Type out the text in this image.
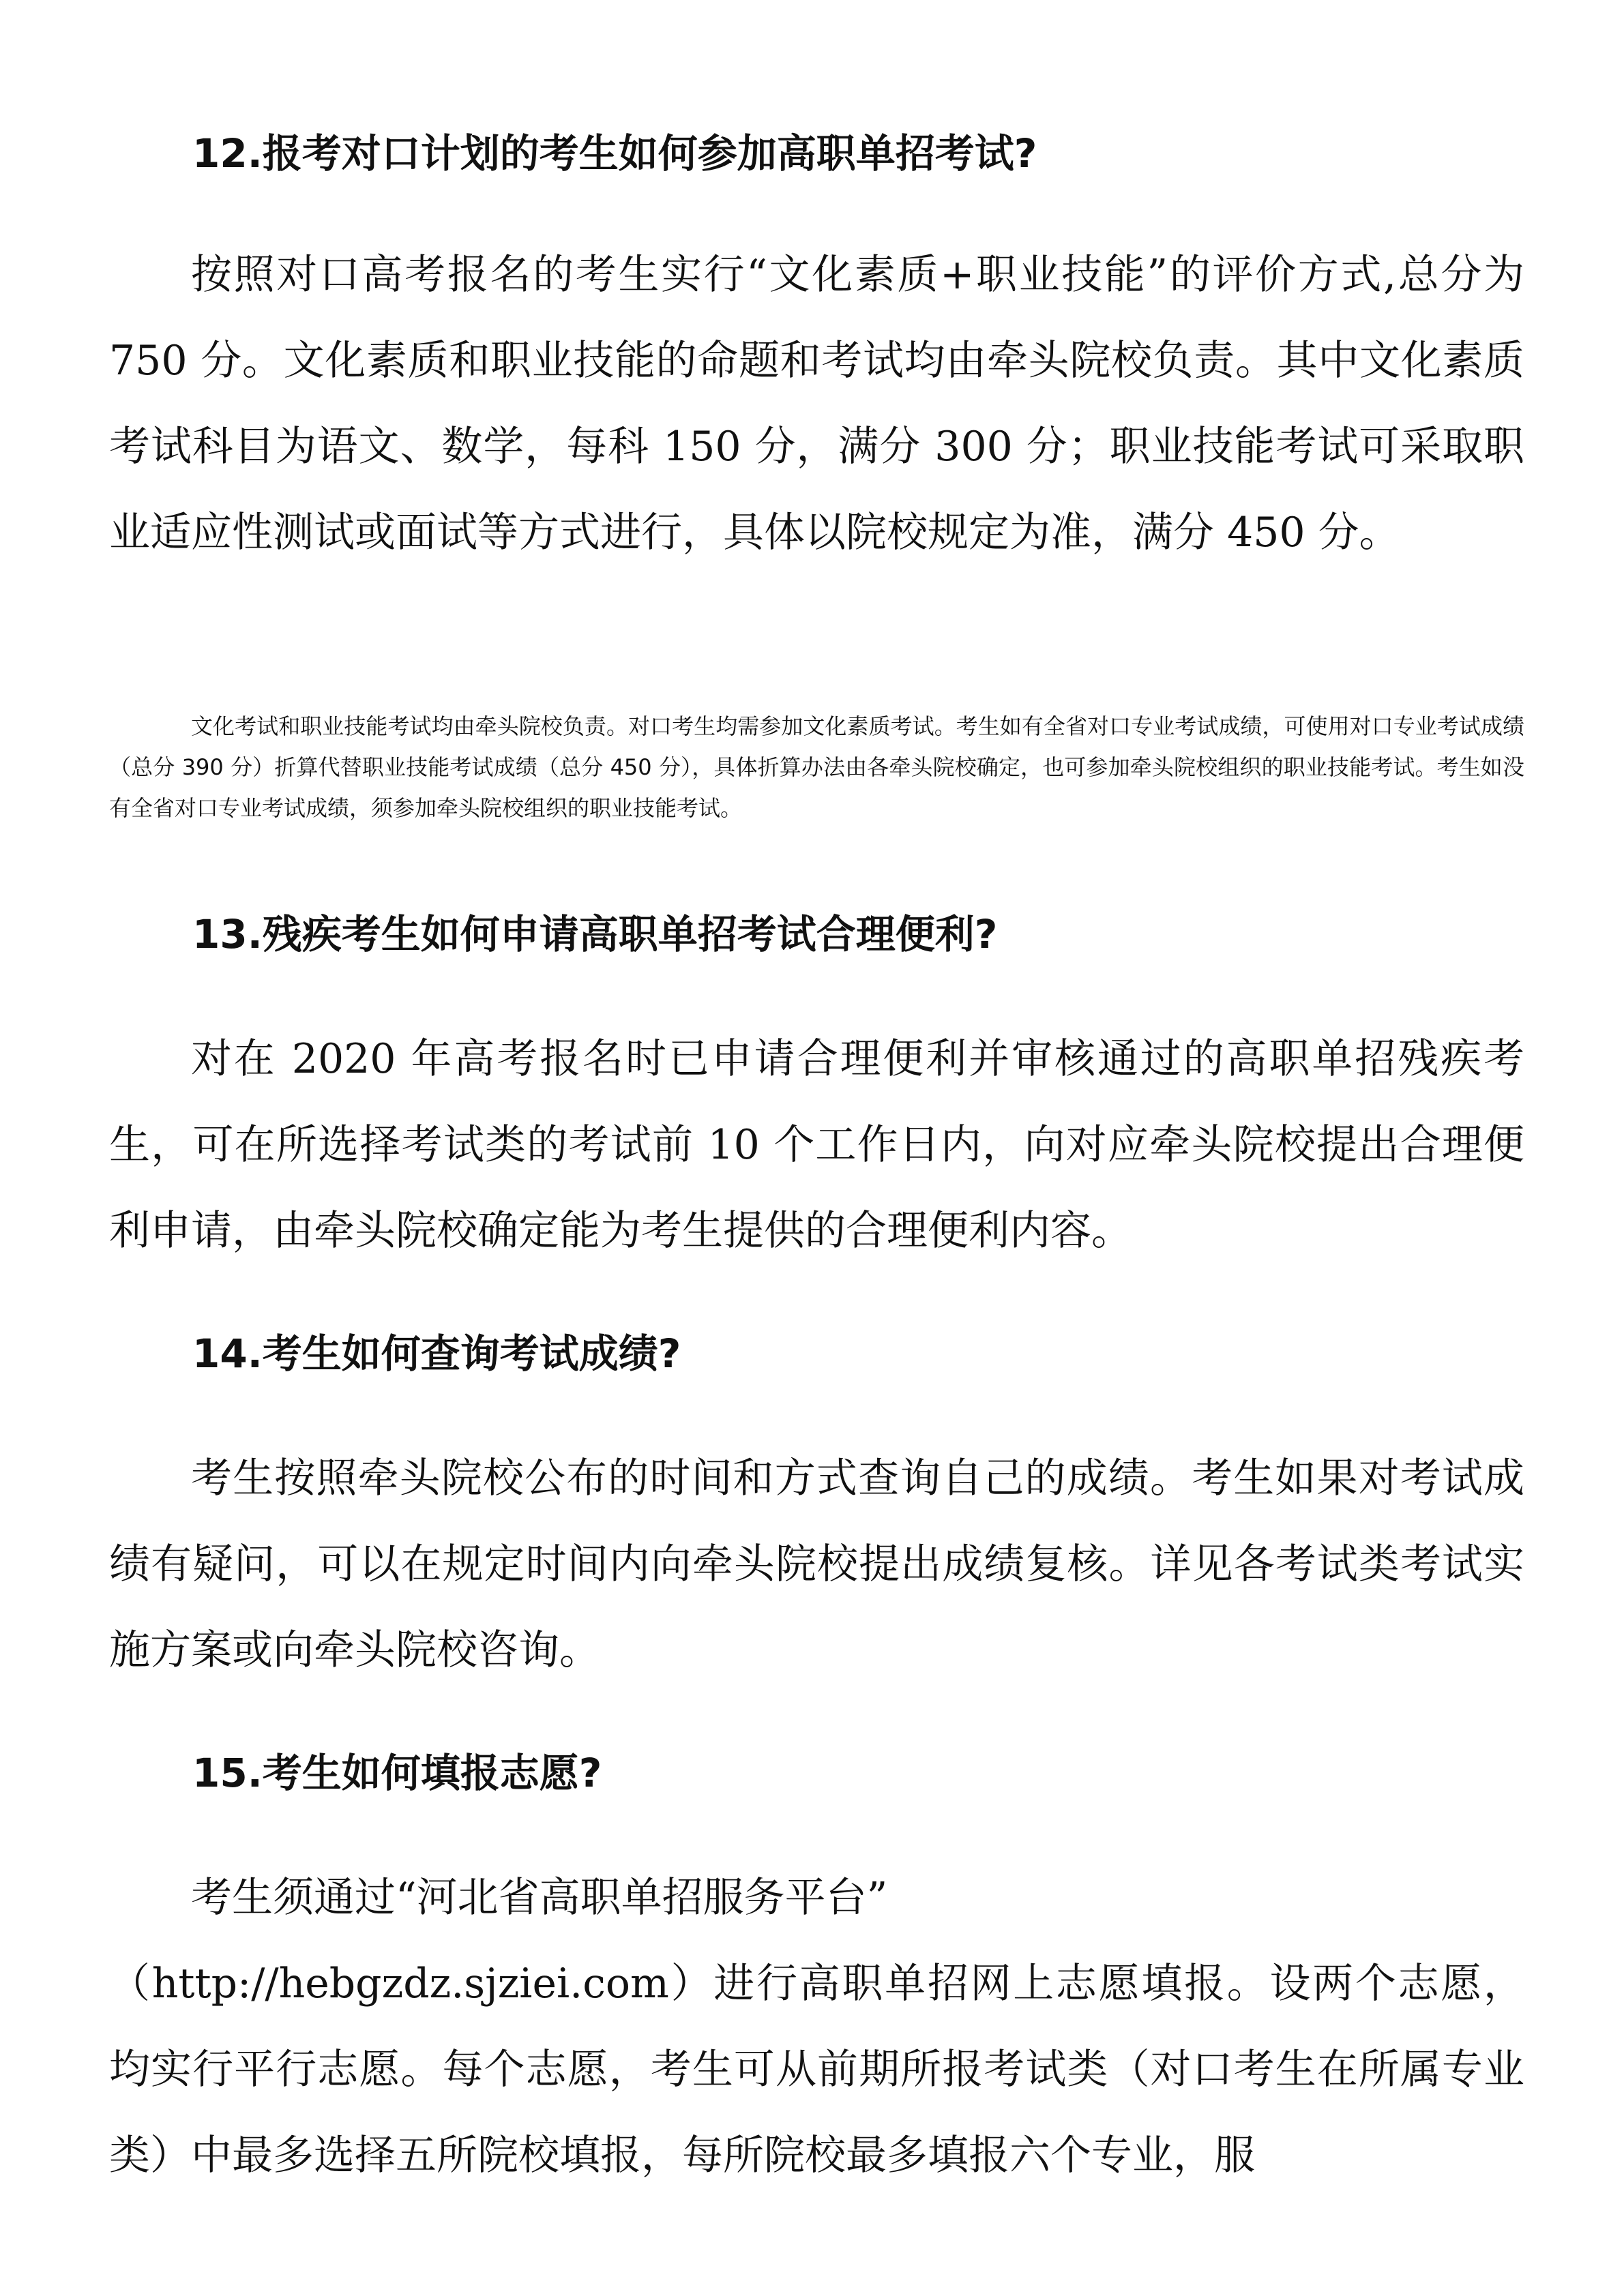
12.报考对口计划的考生如何参加高职单招考试?

按照对口高考报名的考生实行“文化素质+职业技能”的评价方式,总分为 750 分。文化素质和职业技能的命题和考试均由牵头院校负责。其中文化素质考试科目为语文、数学，每科 150 分，满分 300 分；职业技能考试可采取职业适应性测试或面试等方式进行，具体以院校规定为准，满分 450 分。

文化考试和职业技能考试均由牵头院校负责。对口考生均需参加文化素质考试。考生如有全省对口专业考试成绩，可使用对口专业考试成绩（总分 390 分）折算代替职业技能考试成绩（总分 450 分），具体折算办法由各牵头院校确定，也可参加牵头院校组织的职业技能考试。考生如没有全省对口专业考试成绩，须参加牵头院校组织的职业技能考试。

13.残疾考生如何申请高职单招考试合理便利?

对在 2020 年高考报名时已申请合理便利并审核通过的高职单招残疾考生，可在所选择考试类的考试前 10 个工作日内，向对应牵头院校提出合理便利申请，由牵头院校确定能为考生提供的合理便利内容。

14.考生如何查询考试成绩?

考生按照牵头院校公布的时间和方式查询自己的成绩。考生如果对考试成绩有疑问，可以在规定时间内向牵头院校提出成绩复核。详见各考试类考试实施方案或向牵头院校咨询。

15.考生如何填报志愿?

考生须通过“河北省高职单招服务平台”

（http://hebgzdz.sjziei.com）进行高职单招网上志愿填报。设两个志愿，均实行平行志愿。每个志愿，考生可从前期所报考试类（对口考生在所属专业类）中最多选择五所院校填报，每所院校最多填报六个专业，服
